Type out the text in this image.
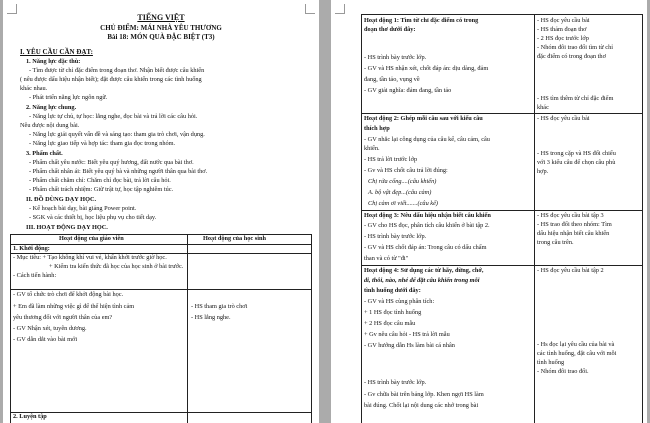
TIẾNG VIỆT
CHỦ ĐIỂM: MÁI NHÀ YÊU THƯƠNG
Bài 18: MÓN QUÀ ĐẶC BIỆT (T3)
I. YÊU CẦU CẦN ĐẠT:
1. Năng lực đặc thù:
- Tìm được từ chỉ đặc điểm trong đoạn thơ. Nhận biết được câu khiến
( nêu được dấu hiệu nhận biết); đặt được câu khiến trong các tình huống
khác nhau.
- Phát triển năng lực ngôn ngữ.
2. Năng lực chung.
- Năng lực tự chủ, tự học: lắng nghe, đọc bài và trả lời các câu hỏi.
Nêu được nội dung bài.
- Năng lực giải quyết vấn đề và sáng tạo: tham gia trò chơi, vận dụng.
- Năng lực giao tiếp và hợp tác: tham gia đọc trong nhóm.
3. Phẩm chất.
- Phẩm chất yêu nước: Biết yêu quý hương, đất nước qua bài thơ.
- Phẩm chất nhân ái: Biết yêu quý bà và những người thân qua bài thơ.
- Phẩm chất chăm chỉ: Chăm chỉ đọc bài, trả lời câu hỏi.
- Phẩm chất trách nhiệm: Giữ trật tự, học tập nghiêm túc.
II. ĐỒ DÙNG DẠY HỌC.
- Kế hoạch bài dạy, bài giảng Power point.
- SGK và các thiết bị, học liệu phụ vụ cho tiết dạy.
III. HOẠT ĐỘNG DẠY HỌC.
Hoạt động của giáo viên	Hoạt động của học sinh
1. Khởi động:
- Mục tiêu: + Tạo không khí vui vẻ, khấn khởi trước giờ học.
+ Kiểm tra kiến thức đã học của học sinh ở bài trước.
- Cách tiến hành:
- GV tổ chức trò chơi để khởi động bài học.
+ Em đã làm những việc gì để thể hiện tình cảm
yêu thương đối với người thân của em?
- GV Nhận xét, tuyên dương.
- GV dẫn dắt vào bài mới
- HS tham gia trò chơi
- HS lắng nghe.
2. Luyện tập
Hoạt động 1: Tìm từ chỉ đặc điểm có trong
đoạn thơ dưới đây:
- HS trình bày trước lớp.
- GV và HS nhận xét, chốt đáp án: dịu dàng, đảm
đang, tần tảo, vụng về
- GV giải nghĩa: đảm đang, tần tảo
- HS đọc yêu cầu bài
- HS thảm đoạn thơ
- 2 HS đọc trước lớp
- Nhóm đôi trao đổi tìm từ chỉ
đặc điểm có trong đoạn thơ
- HS tìm thêm từ chỉ đặc điểm
khác
Hoạt động 2: Ghép mỗi câu sau với kiểu câu
thích hợp
- GV nhắc lại công dụng của câu kể, câu cảm, câu
khiến.
- HS trả lời trước lớp
- Gv và HS chốt câu trả lời đúng:
Chị rửa cống....(câu khiến)
A. bộ vật đẹp...(câu cảm)
Chị cảm ơi viết.......(câu kể)
- HS đọc yêu cầu bài
- HS trong cặp và HS đối chiếu
với 3 kiểu câu để chọn câu phù
hợp.
Hoạt động 3: Nêu dấu hiệu nhận biết câu khiến
- GV cho HS đọc, phân tích câu khiến ở bài tập 2.
- HS trình bày trước lớp.
- GV và HS chốt đáp án: Trong câu có dấu chấm
than và có từ "đi"
- HS đọc yêu cầu bài tập 3
- HS trao đổi theo nhóm: Tìm
dấu hiệu nhận biết câu khiến
trong câu trên.
Hoạt động 4: Sử dụng các từ hãy, đừng, chớ,
đi, thôi, nào, nhé để đặt câu khiến trong mỗi
tình huống dưới đây:
- GV và HS cùng phân tích:
+ 1 HS đọc tình huống
+ 2 HS đọc câu mẫu
+ Gv nêu câu hỏi - HS trả lời mẫu
- GV hướng dẫn Hs làm bài cá nhân
- HS trình bày trước lớp.
- Gv chữa bài trên bảng lớp. Khen ngợi HS làm
bài đúng. Chốt lại nội dung các nhớ trong bài
- HS đọc yêu cầu bài tập 2
- Hs đọc lại yêu cầu của bài và
các tình huống, đặt câu với mỗi
tình huống
- Nhóm đôi trao đổi.
